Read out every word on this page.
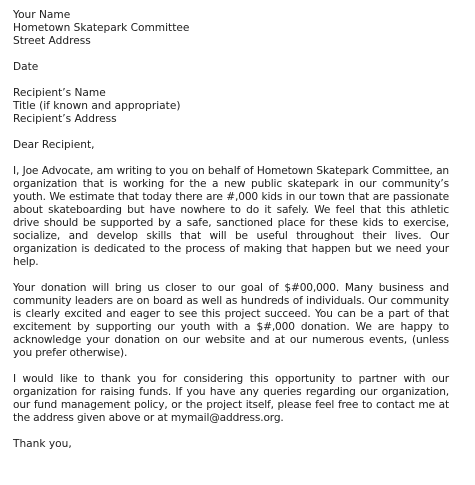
Your Name
Hometown Skatepark Committee
Street Address
Date
Recipient’s Name
Title (if known and appropriate)
Recipient’s Address
Dear Recipient,

I, Joe Advocate, am writing to you on behalf of Hometown Skatepark Committee, an organization that is working for the a new public skatepark in our community’s youth. We estimate that today there are #,000 kids in our town that are passionate about skateboarding but have nowhere to do it safely. We feel that this athletic drive should be supported by a safe, sanctioned place for these kids to exercise, socialize, and develop skills that will be useful throughout their lives. Our organization is dedicated to the process of making that happen but we need your help.

Your donation will bring us closer to our goal of $#00,000. Many business and community leaders are on board as well as hundreds of individuals. Our community is clearly excited and eager to see this project succeed. You can be a part of that excitement by supporting our youth with a $#,000 donation. We are happy to acknowledge your donation on our website and at our numerous events, (unless you prefer otherwise).

I would like to thank you for considering this opportunity to partner with our organization for raising funds. If you have any queries regarding our organization, our fund management policy, or the project itself, please feel free to contact me at the address given above or at mymail@address.org.

Thank you,
